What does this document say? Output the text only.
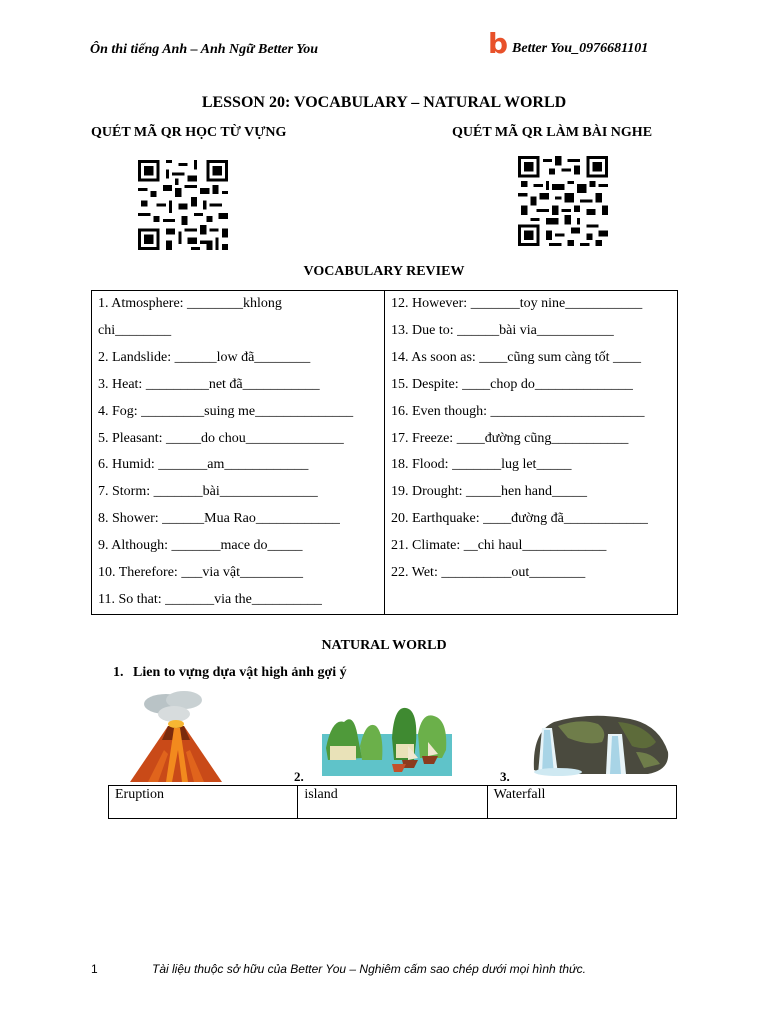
Ôn thi tiếng Anh – Anh Ngữ Better You	b Better You_0976681101
LESSON 20: VOCABULARY – NATURAL WORLD
QUÉT MÃ QR HỌC TỪ VỰNG	QUÉT MÃ QR LÀM BÀI NGHE
VOCABULARY REVIEW
1. Atmosphere: ________khlong
chi________
2. Landslide: ______low đã________
3. Heat: _________net đã___________
4. Fog: _________suing me______________
5. Pleasant: _____do chou______________
6. Humid: _______am____________
7. Storm: _______bài______________
8. Shower: ______Mua Rao____________
9. Although: _______mace do_____
10. Therefore: ___via vật_________
11. So that: _______via the__________

12. However: _______toy nine___________
13. Due to: ______bài via___________
14. As soon as: ____cũng sum càng tốt ____
15. Despite: ____chop do______________
16. Even though: ______________________
17. Freeze: ____đường cũng___________
18. Flood: _______lug let_____
19. Drought: _____hen hand_____
20. Earthquake: ____đường đã____________
21. Climate: __chi haul____________
22. Wet: __________out________
NATURAL WORLD
1. Lien to vựng dựa vật high ảnh gợi ý
2.	3.
Eruption	island	Waterfall
1	Tài liệu thuộc sở hữu của Better You – Nghiêm cấm sao chép dưới mọi hình thức.
